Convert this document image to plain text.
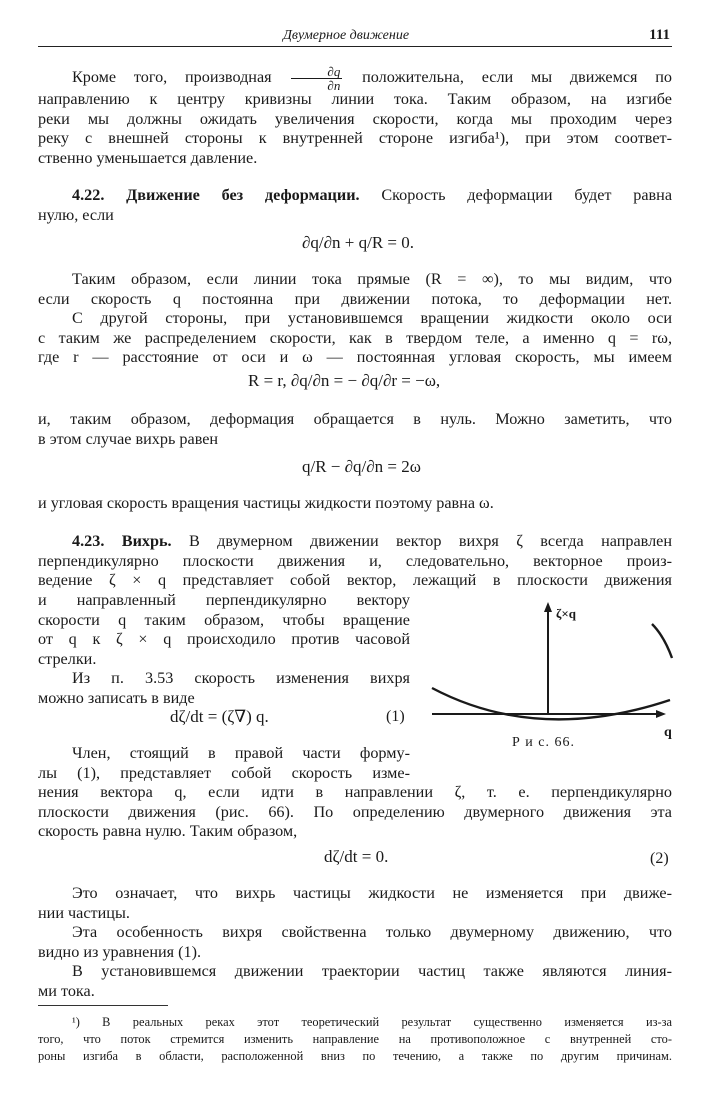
Двумерное движение	111
Кроме того, производная $\frac{\partial q}{\partial n}$ положительна, если мы движемся по
направлению к центру кривизны линии тока. Таким образом, на изгибе
реки мы должны ожидать увеличения скорости, когда мы проходим через
реку с внешней стороны к внутренней стороне изгиба¹), при этом соответ-
ственно уменьшается давление.
4.22. Движение без деформации. Скорость деформации будет равна
нулю, если
∂q/∂n + q/R = 0.
Таким образом, если линии тока прямые (R = ∞), то мы видим, что
если скорость q постоянна при движении потока, то деформации нет.
С другой стороны, при установившемся вращении жидкости около оси
с таким же распределением скорости, как в твердом теле, а именно q = rω,
где r — расстояние от оси и ω — постоянная угловая скорость, мы имеем
R = r, ∂q/∂n = − ∂q/∂r = −ω,
и, таким образом, деформация обращается в нуль. Можно заметить, что
в этом случае вихрь равен
q/R − ∂q/∂n = 2ω
и угловая скорость вращения частицы жидкости поэтому равна ω.
4.23. Вихрь. В двумерном движении вектор вихря ζ всегда направлен
перпендикулярно плоскости движения и, следовательно, векторное произ-
ведение ζ × q представляет собой вектор, лежащий в плоскости движения
и направленный перпендикулярно вектору
скорости q таким образом, чтобы вращение
от q к ζ × q происходило против часовой
стрелки.
Из п. 3.53 скорость изменения вихря
можно записать в виде
dζ/dt = (ζ∇) q.	(1)
Член, стоящий в правой части форму-
лы (1), представляет собой скорость изме-
нения вектора q, если идти в направлении ζ, т. е. перпендикулярно
плоскости движения (рис. 66). По определению двумерного движения эта
скорость равна нулю. Таким образом,
dζ/dt = 0.	(2)
Это означает, что вихрь частицы жидкости не изменяется при движе-
нии частицы.
Эта особенность вихря свойственна только двумерному движению, что
видно из уравнения (1).
В установившемся движении траектории частиц также являются линия-
ми тока.
ζ×q
q
Р и с. 66.
¹) В реальных реках этот теоретический результат существенно изменяется из-за
того, что поток стремится изменить направление на противоположное с внутренней сто-
роны изгиба в области, расположенной вниз по течению, а также по другим причинам.
